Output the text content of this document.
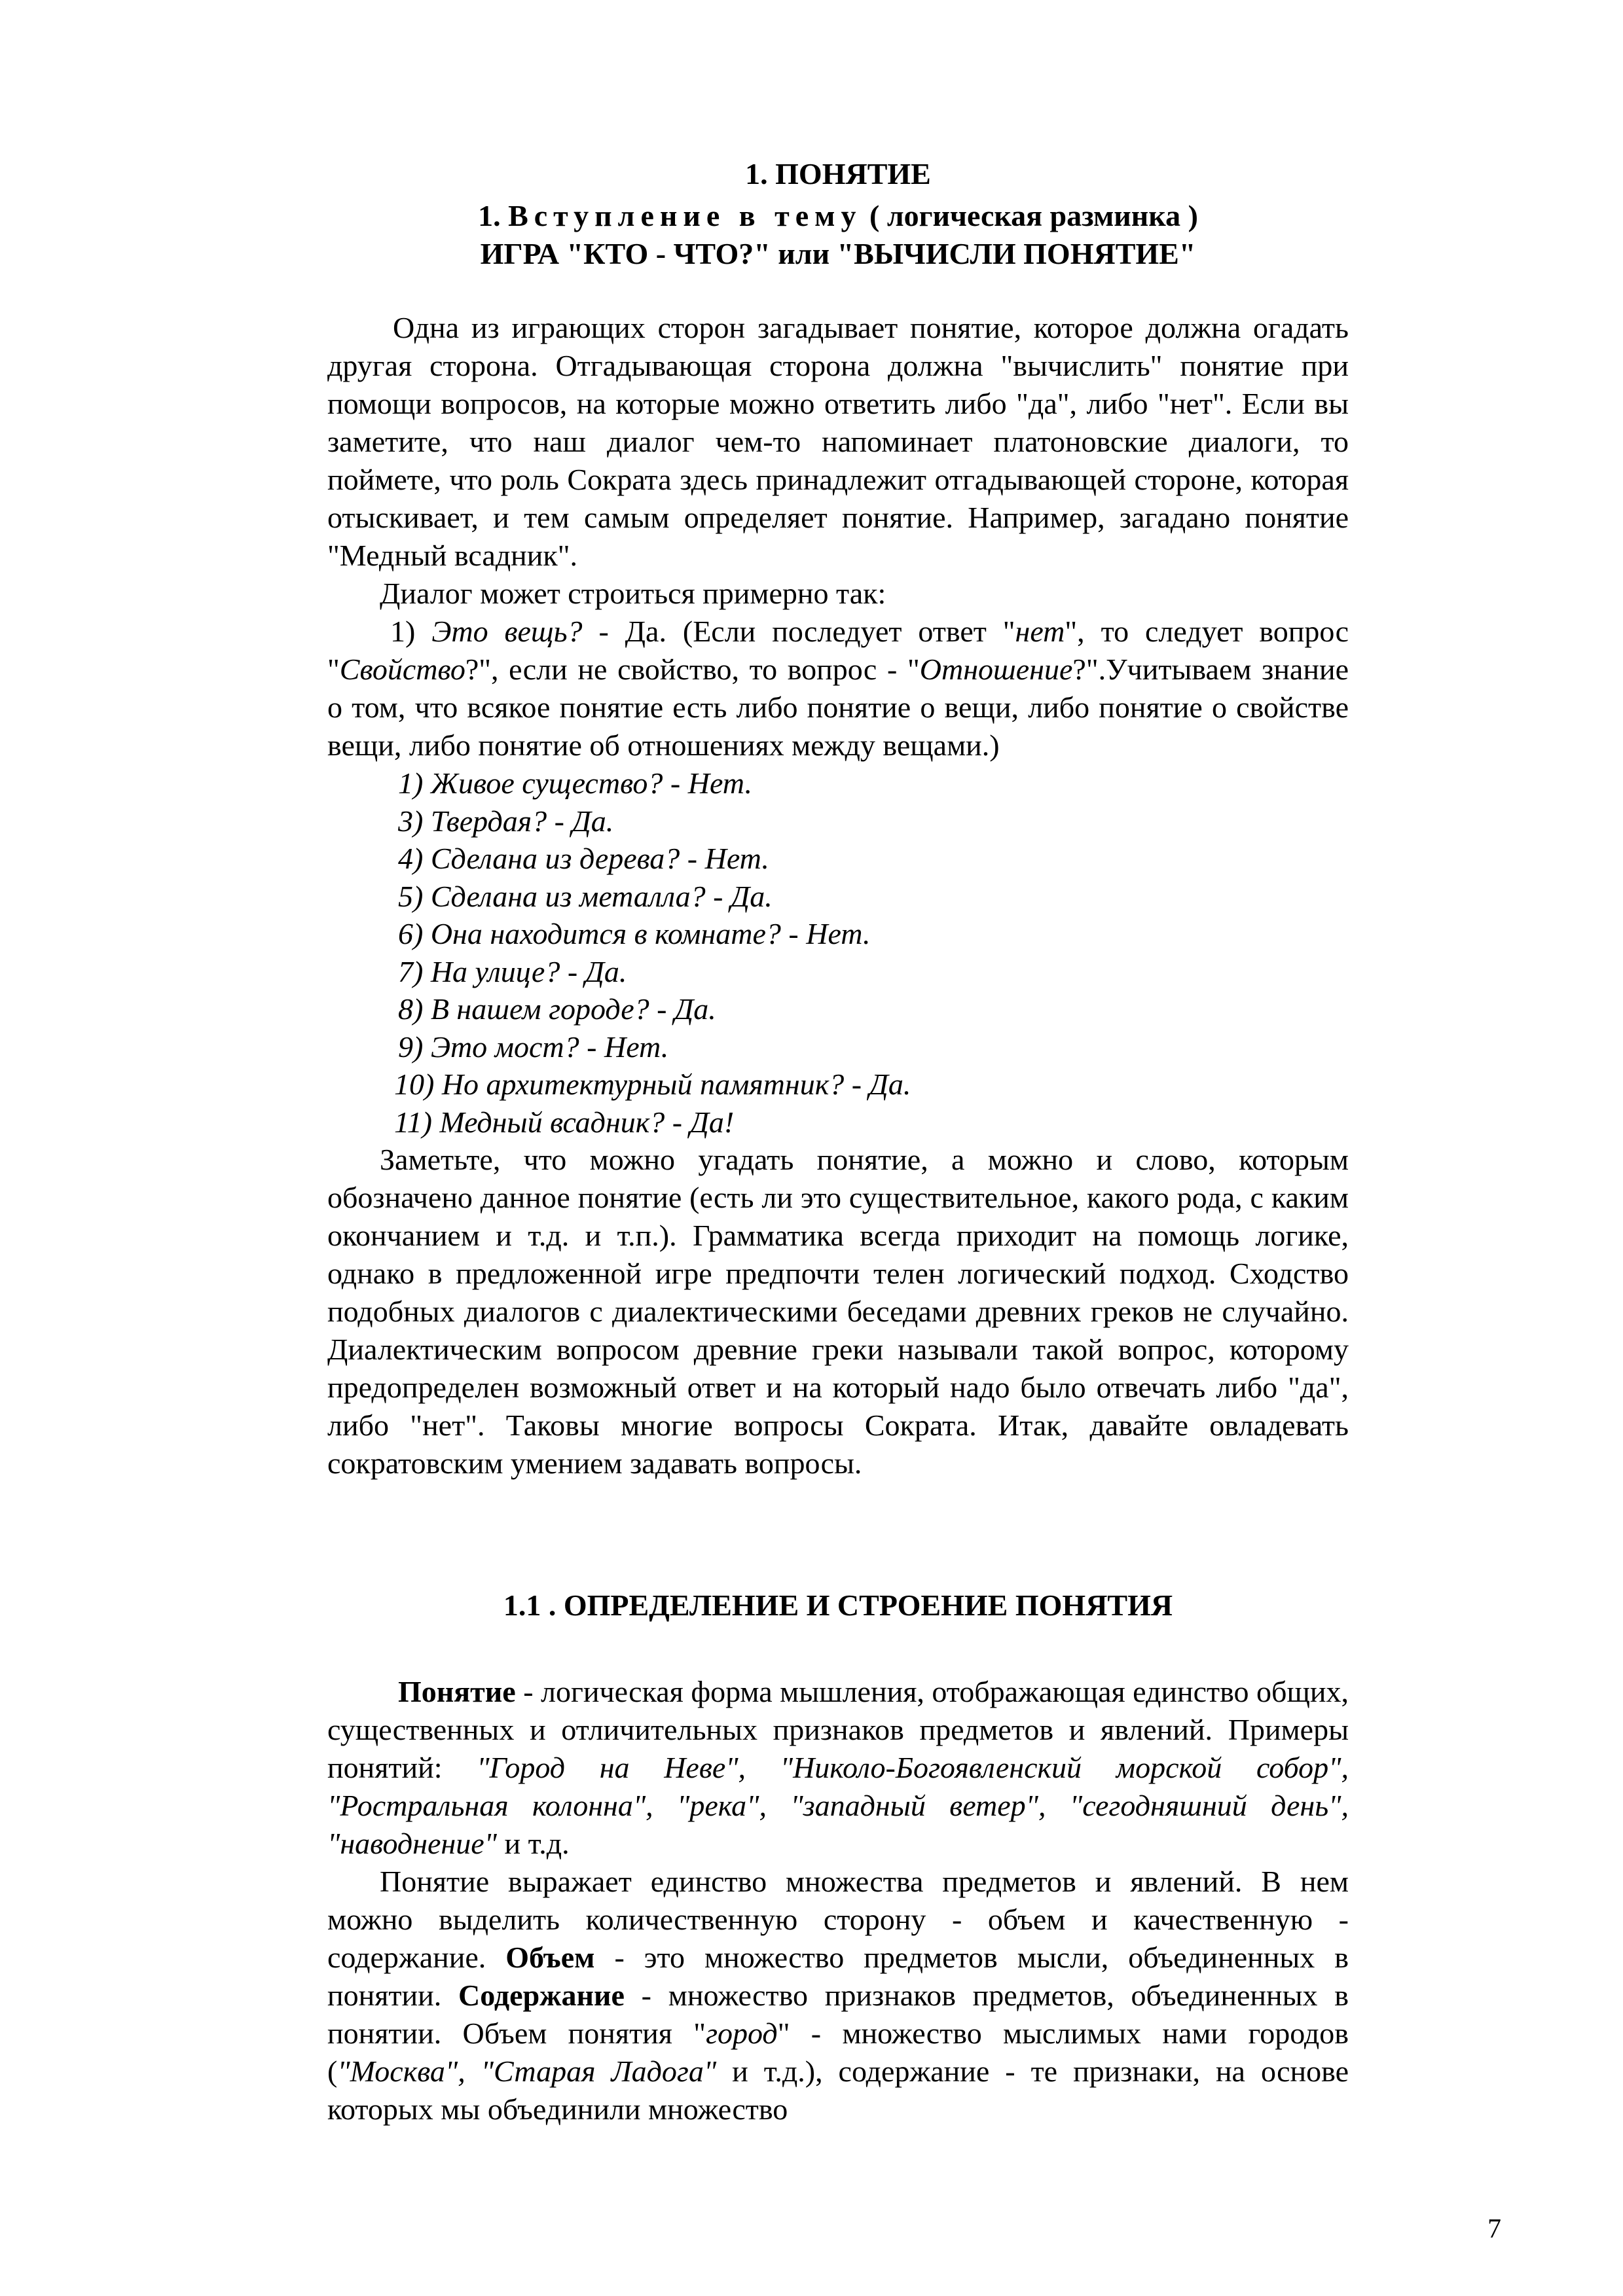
1. ПОНЯТИЕ
1. Вступление в тему ( логическая разминка )
ИГРА "КТО - ЧТО?" или "ВЫЧИСЛИ ПОНЯТИЕ"

Одна из играющих сторон загадывает понятие, которое должна огадать другая сторона. Отгадывающая сторона должна "вычислить" понятие при помощи вопросов, на которые можно ответить либо "да", либо "нет". Если вы заметите, что наш диалог чем-то напоминает платоновские диалоги, то поймете, что роль Сократа здесь принадлежит отгадывающей стороне, которая отыскивает, и тем самым определяет понятие. Например, загадано понятие "Медный всадник".

Диалог может строиться примерно так:

1) Это вещь? - Да. (Если последует ответ "нет", то следует вопрос "Свойство?", если не свойство, то вопрос - "Отношение?".Учитываем знание о том, что всякое понятие есть либо понятие о вещи, либо понятие о свойстве вещи, либо понятие об отношениях между вещами.)

1) Живое существо? - Нет.

3) Твердая? - Да.

4) Сделана из дерева? - Нет.

5) Сделана из металла? - Да.

6) Она находится в комнате? - Нет.

7) На улице? - Да.

8) В нашем городе? - Да.

9) Это мост? - Нет.

10) Но архитектурный памятник? - Да.

11) Медный всадник? - Да!

Заметьте, что можно угадать понятие, а можно и слово, которым обозначено данное понятие (есть ли это существительное, какого рода, с каким окончанием и т.д. и т.п.). Грамматика всегда приходит на помощь логике, однако в предложенной игре предпочти телен логический подход. Сходство подобных диалогов с диалектическими беседами древних греков не случайно. Диалектическим вопросом древние греки называли такой вопрос, которому предопределен возможный ответ и на который надо было отвечать либо "да", либо "нет". Таковы многие вопросы Сократа. Итак, давайте овладевать сократовским умением задавать вопросы.

1.1 . ОПРЕДЕЛЕНИЕ И СТРОЕНИЕ ПОНЯТИЯ

Понятие - логическая форма мышления, отображающая единство общих, существенных и отличительных признаков предметов и явлений. Примеры понятий: "Город на Неве", "Николо-Богоявленский морской собор", "Ростральная колонна", "река", "западный ветер", "сегодняшний день", "наводнение" и т.д.

Понятие выражает единство множества предметов и явлений. В нем можно выделить количественную сторону - объем и качественную - содержание. Объем - это множество предметов мысли, объединенных в понятии. Содержание - множество признаков предметов, объединенных в понятии. Объем понятия "город" - множество мыслимых нами городов ("Москва", "Старая Ладога" и т.д.), содержание - те признаки, на основе которых мы объединили множество

7
